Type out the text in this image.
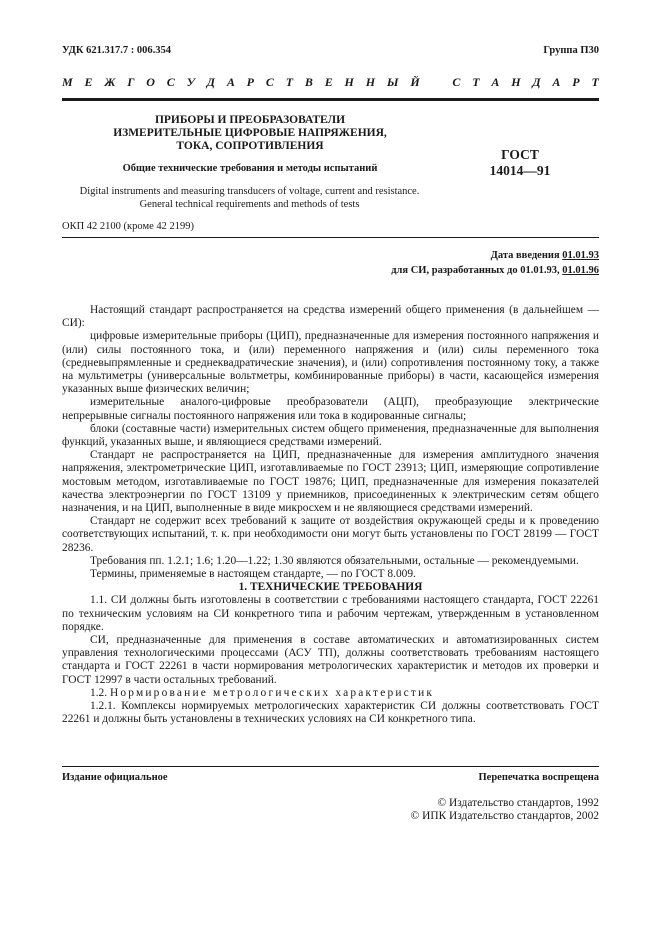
УДК 621.317.7 : 006.354	Группа П30
М Е Ж Г О С У Д А Р С Т В Е Н Н Ы Й
	С Т А Н Д А Р Т
ПРИБОРЫ И ПРЕОБРАЗОВАТЕЛИ
ИЗМЕРИТЕЛЬНЫЕ ЦИФРОВЫЕ НАПРЯЖЕНИЯ,
ТОКА, СОПРОТИВЛЕНИЯ
Общие технические требования и методы испытаний
ГОСТ
14014—91
Digital instruments and measuring transducers of voltage, current and resistance.
General technical requirements and methods of tests
ОКП 42 2100 (кроме 42 2199)
Дата введения 01.01.93
для СИ, разработанных до 01.01.93, 01.01.96

Настоящий стандарт распространяется на средства измерений общего применения (в дальнейшем — СИ):

цифровые измерительные приборы (ЦИП), предназначенные для измерения постоянного напряжения и (или) силы постоянного тока, и (или) переменного напряжения и (или) силы переменного тока (средневыпрямленные и среднеквадратические значения), и (или) сопротивления постоянному току, а также на мультиметры (универсальные вольтметры, комбинированные приборы) в части, касающейся измерения указанных выше физических величин;

измерительные аналого-цифровые преобразователи (АЦП), преобразующие электрические непрерывные сигналы постоянного напряжения или тока в кодированные сигналы;

блоки (составные части) измерительных систем общего применения, предназначенные для выполнения функций, указанных выше, и являющиеся средствами измерений.

Стандарт не распространяется на ЦИП, предназначенные для измерения амплитудного значения напряжения, электрометрические ЦИП, изготавливаемые по ГОСТ 23913; ЦИП, измеряющие сопротивление мостовым методом, изготавливаемые по ГОСТ 19876; ЦИП, предназначенные для измерения показателей качества электроэнергии по ГОСТ 13109 у приемников, присоединенных к электрическим сетям общего назначения, и на ЦИП, выполненные в виде микросхем и не являющиеся средствами измерений.

Стандарт не содержит всех требований к защите от воздействия окружающей среды и к проведению соответствующих испытаний, т. к. при необходимости они могут быть установлены по ГОСТ 28199 — ГОСТ 28236.

Требования пп. 1.2.1; 1.6; 1.20—1.22; 1.30 являются обязательными, остальные — рекомендуемыми.

Термины, применяемые в настоящем стандарте, — по ГОСТ 8.009.

1. ТЕХНИЧЕСКИЕ ТРЕБОВАНИЯ

1.1. СИ должны быть изготовлены в соответствии с требованиями настоящего стандарта, ГОСТ 22261 по техническим условиям на СИ конкретного типа и рабочим чертежам, утвержденным в установленном порядке.

СИ, предназначенные для применения в составе автоматических и автоматизированных систем управления технологическими процессами (АСУ ТП), должны соответствовать требованиям настоящего стандарта и ГОСТ 22261 в части нормирования метрологических характеристик и методов их проверки и ГОСТ 12997 в части остальных требований.

1.2. Нормирование метрологических характеристик

1.2.1. Комплексы нормируемых метрологических характеристик СИ должны соответствовать ГОСТ 22261 и должны быть установлены в технических условиях на СИ конкретного типа.

Издание официальное	Перепечатка воспрещена
© Издательство стандартов, 1992
© ИПК Издательство стандартов, 2002
